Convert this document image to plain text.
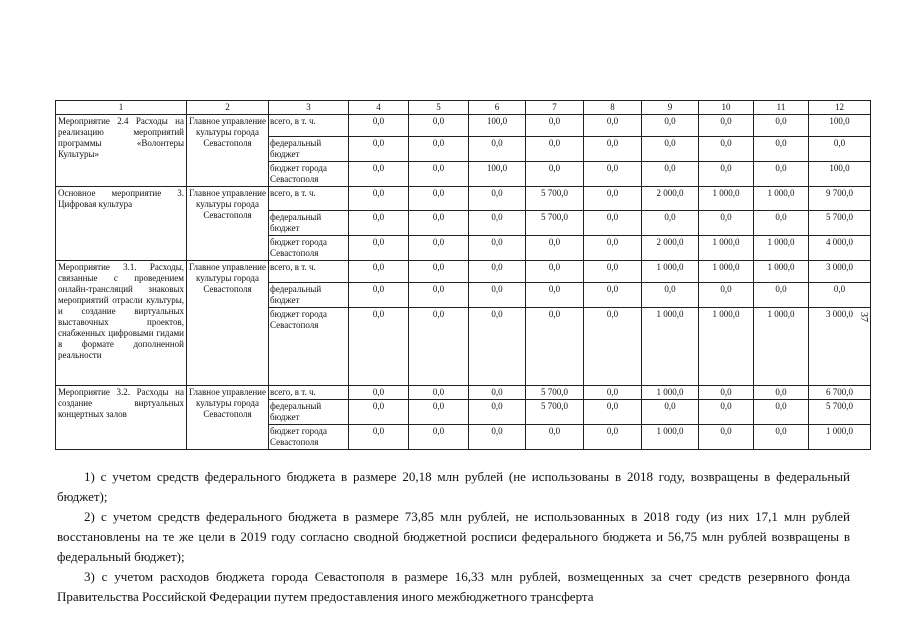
1	2	3	4	5	6	7	8	9	10	11	12
Мероприятие 2.4 Расходы на реализацию мероприятий программы «Волонтеры Культуры»	Главное управление культуры города Севастополя	всего, в т. ч.	0,0	0,0	100,0	0,0	0,0	0,0	0,0	0,0	100,0
		федеральный бюджет	0,0	0,0	0,0	0,0	0,0	0,0	0,0	0,0	0,0
		бюджет города Севастополя	0,0	0,0	100,0	0,0	0,0	0,0	0,0	0,0	100,0
Основное мероприятие 3. Цифровая культура	Главное управление культуры города Севастополя	всего, в т. ч.	0,0	0,0	0,0	5 700,0	0,0	2 000,0	1 000,0	1 000,0	9 700,0
		федеральный бюджет	0,0	0,0	0,0	5 700,0	0,0	0,0	0,0	0,0	5 700,0
		бюджет города Севастополя	0,0	0,0	0,0	0,0	0,0	2 000,0	1 000,0	1 000,0	4 000,0
Мероприятие 3.1. Расходы, связанные с проведением онлайн-трансляций знаковых мероприятий отрасли культуры, и создание виртуальных выставочных проектов, снабженных цифровыми гидами в формате дополненной реальности	Главное управление культуры города Севастополя	всего, в т. ч.	0,0	0,0	0,0	0,0	0,0	1 000,0	1 000,0	1 000,0	3 000,0
		федеральный бюджет	0,0	0,0	0,0	0,0	0,0	0,0	0,0	0,0	0,0
		бюджет города Севастополя	0,0	0,0	0,0	0,0	0,0	1 000,0	1 000,0	1 000,0	3 000,0
Мероприятие 3.2. Расходы на создание виртуальных концертных залов	Главное управление культуры города Севастополя	всего, в т. ч.	0,0	0,0	0,0	5 700,0	0,0	1 000,0	0,0	0,0	6 700,0
		федеральный бюджет	0,0	0,0	0,0	5 700,0	0,0	0,0	0,0	0,0	5 700,0
		бюджет города Севастополя	0,0	0,0	0,0	0,0	0,0	1 000,0	0,0	0,0	1 000,0
37

1) с учетом средств федерального бюджета в размере 20,18 млн рублей (не использованы в 2018 году, возвращены в федеральный бюджет);

2) с учетом средств федерального бюджета в размере 73,85 млн рублей, не использованных в 2018 году (из них 17,1 млн рублей восстановлены на те же цели в 2019 году согласно сводной бюджетной росписи федерального бюджета и 56,75 млн рублей возвращены в федеральный бюджет);

3) с учетом расходов бюджета города Севастополя в размере 16,33 млн рублей, возмещенных за счет средств резервного фонда Правительства Российской Федерации путем предоставления иного межбюджетного трансферта
